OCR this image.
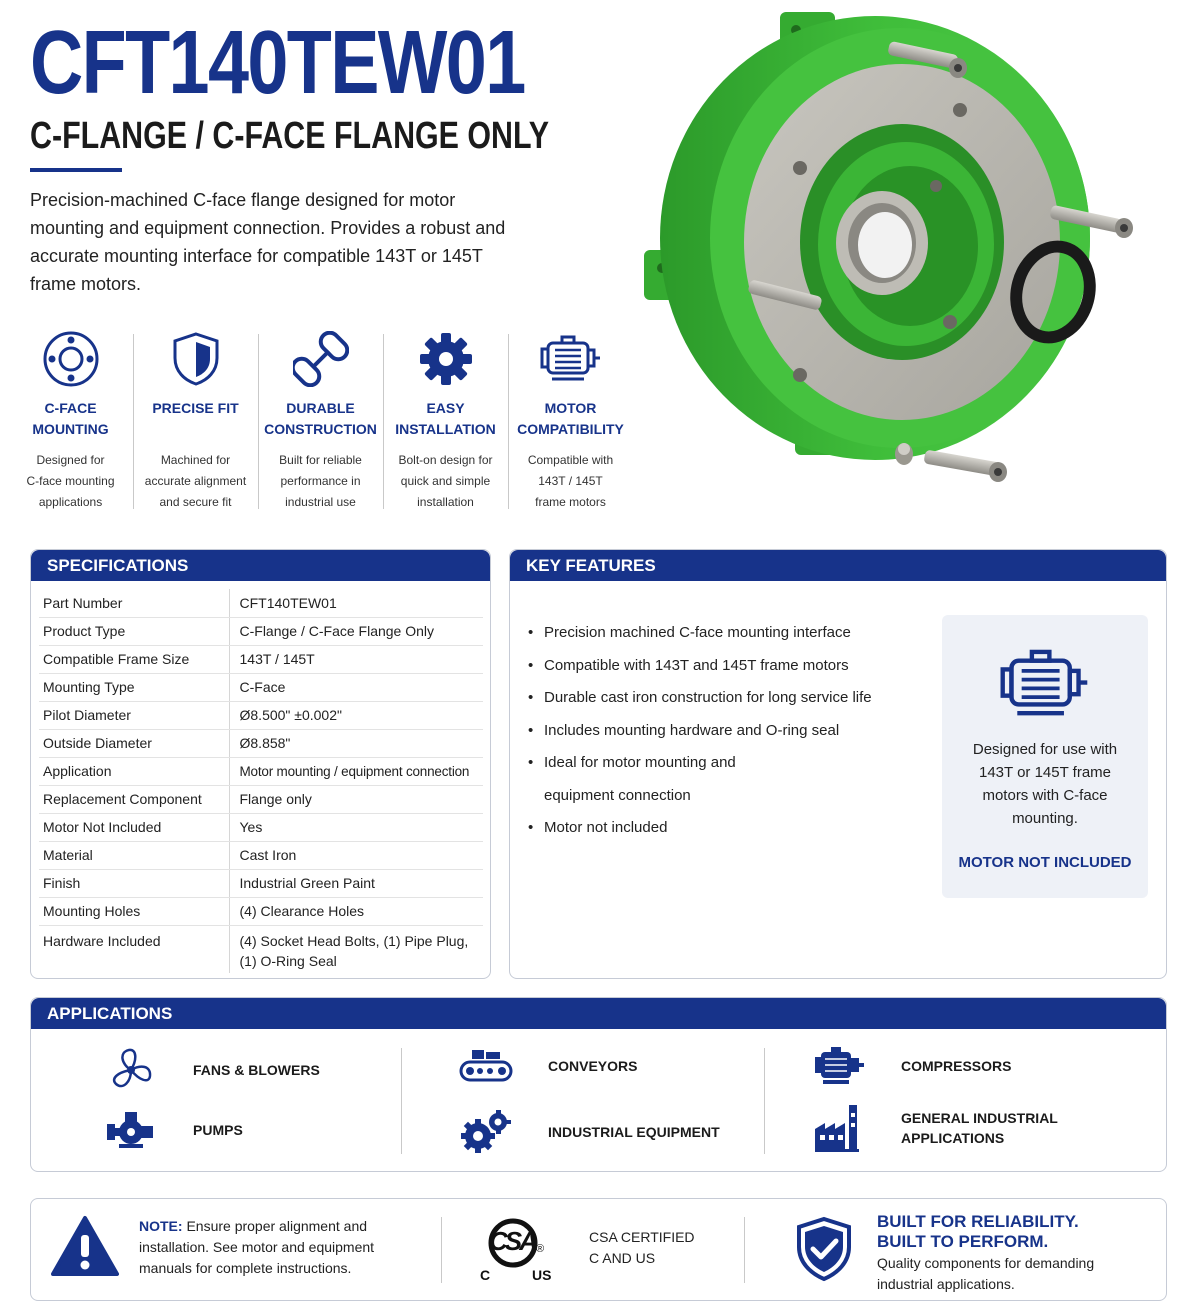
CFT140TEW01
C-FLANGE / C-FACE FLANGE ONLY

Precision-machined C-face flange designed for motor mounting and equipment connection. Provides a robust and accurate mounting interface for compatible 143T or 145T frame motors.

C-FACE
MOUNTING
Designed for
C-face mounting
applications
PRECISE FIT
Machined for
accurate alignment
and secure fit
DURABLE
CONSTRUCTION
Built for reliable
performance in
industrial use
EASY
INSTALLATION
Bolt-on design for
quick and simple
installation
MOTOR
COMPATIBILITY
Compatible with
143T / 145T
frame motors
SPECIFICATIONS
Part Number	CFT140TEW01
Product Type	C-Flange / C-Face Flange Only
Compatible Frame Size	143T / 145T
Mounting Type	C-Face
Pilot Diameter	Ø8.500" ±0.002"
Outside Diameter	Ø8.858"
Application	Motor mounting / equipment connection
Replacement Component	Flange only
Motor Not Included	Yes
Material	Cast Iron
Finish	Industrial Green Paint
Mounting Holes	(4) Clearance Holes
Hardware Included	(4) Socket Head Bolts, (1) Pipe Plug, (1) O-Ring Seal
KEY FEATURES
• Precision machined C-face mounting interface
• Compatible with 143T and 145T frame motors
• Durable cast iron construction for long service life
• Includes mounting hardware and O-ring seal
• Ideal for motor mounting and equipment connection
• Motor not included
Designed for use with 143T or 145T frame motors with C-face mounting.
MOTOR NOT INCLUDED
APPLICATIONS
FANS & BLOWERS	CONVEYORS	COMPRESSORS
PUMPS	INDUSTRIAL EQUIPMENT
GENERAL INDUSTRIAL
APPLICATIONS

NOTE: Ensure proper alignment and installation. See motor and equipment manuals for complete instructions.

CSA ®
C	US
CSA CERTIFIED
C AND US
BUILT FOR RELIABILITY.
BUILT TO PERFORM.
Quality components for demanding industrial applications.
